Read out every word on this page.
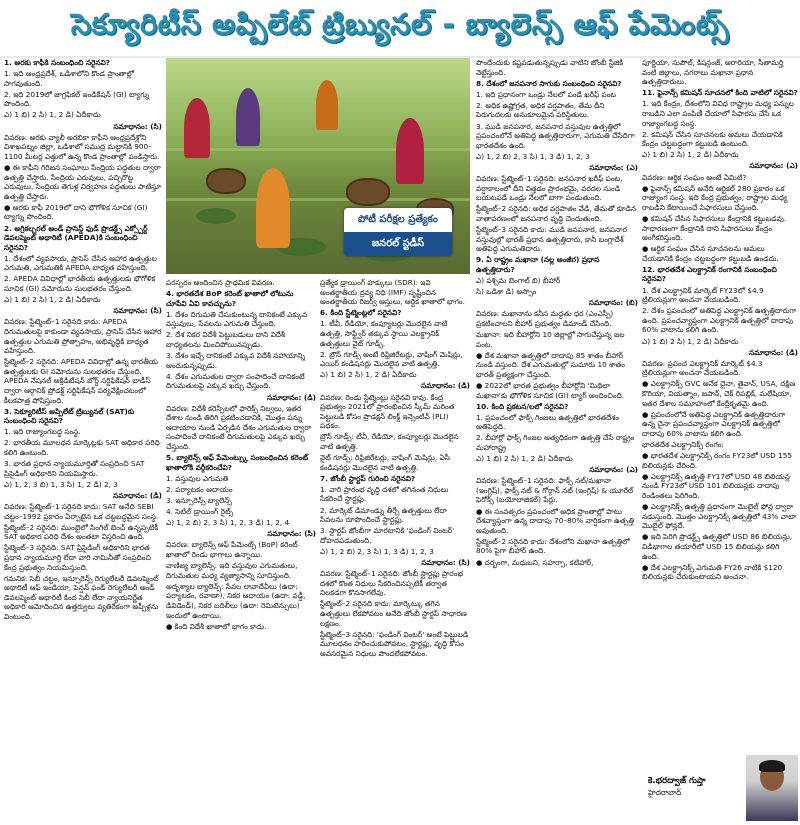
సెక్యూరిటీస్ అప్పిలేట్ ట్రిబ్యునల్ - బ్యాలెన్స్ ఆఫ్ పేమెంట్స్

1. అరకు కాఫీకి సంబంధించి సరైనవి?

1. ఇది ఆంధ్రప్రదేశ్, ఒడిశాలోని కొండ ప్రాంతాల్లో సాగవుతుంది.

2. ఇది 2019లో జాగ్రఫికల్ ఇండికేషన్ (GI) ట్యాగ్ను పొందింది.

ఎ) 1 బి) 2 సి) 1, 2 డి) ఏదీకాదు

సమాధానం: (సి)

వివరణ: అరకు వ్యాలీ అరబికా కాఫీని ఆంధ్రప్రదేశ్లోని విశాఖపట్నం జిల్లా, ఒడిశాలో సముద్ర మట్టానికి 900–1100 మీటర్ల ఎత్తులో ఉన్న కొండ ప్రాంతాల్లో పండిస్తారు.

● ఈ కాఫీని గిరిజన సంఘాలు సేంద్రియ పద్ధతుల ద్వారా ఉత్పత్తి చేస్తారు. సేంద్రియ ఎరువులు, పచ్చిరొట్ట ఎరువులు, సేంద్రియ తెగుళ్ల నిర్వహణ పద్ధతులు పాటిస్తూ ఉత్పత్తి చేస్తారు.

● అరకు కాఫీ 2019లో దాని భౌగోళిక సూచిక (GI) ట్యాగ్ను పొందింది.

2. అగ్రికల్చరల్ అండ్ ప్రాసెస్డ్ ఫుడ్ ప్రొడక్ట్స్ ఎక్స్పోర్ట్ డెవలప్మెంట్ అథారిటీ (APEDA)కి సంబంధించి సరైనవి?

1. దేశంలో వ్యవసాయ, ప్రాసెస్ చేసిన ఆహార ఉత్పత్తుల ఎగుమతి, ఎగుమతికి APEDA బాధ్యత వహిస్తుంది.

2. APEDA వివిధాల్లో భారతీయ ఉత్పత్తులకు భౌగోళిక సూచిక (GI) నమోదును సులభతరం చేస్తుంది.

ఎ) 1 బి) 2 సి) 1, 2 డి) ఏదీకాదు

సమాధానం: (సి)

వివరణ: స్టేట్మెంట్–1 సరైనది కాదు: APEDA దిగుమతులపై కాకుండా వ్యవసాయ, ప్రాసెస్ చేసిన ఆహార ఉత్పత్తుల ఎగుమతి ప్రోత్సాహం, అభివృద్ధికి బాధ్యత వహిస్తుంది.

స్టేట్మెంట్–2 సరైనది: APEDA వివిధాల్లో ఉన్న భారతీయ ఉత్పత్తులకు GI నమోదును సులభతరం చేస్తుంది. APEDA నేషనల్ అక్రిడిటేషన్ బోర్డ్ సర్టిఫికేషన్ బాడీస్ ద్వారా ఆర్గానిక్ ప్రోడక్ట్ సర్టిఫికేషన్ పర్యవేక్షించటంలో కీలకపాత్ర పోషిస్తుంది.

3. సెక్యూరిటీస్ అప్పిలేట్ ట్రిబ్యునల్ (SAT)కు సంబంధించి సరైనవి?

1. ఇది రాజ్యాంగబద్ధ సంస్థ.

2. భారతీయ మూలధన మార్కెట్లకు SAT అధికార పరిధి కలిగి ఉంటుంది.

3. భారత ప్రధాన న్యాయమూర్తితో సంప్రదించి SAT ప్రిసైడింగ్ అధికారిని నియమిస్తారు.

ఎ) 1, 2, 3 బి) 1, 3 సి) 1, 2 డి) 2, 3

సమాధానం: (డి)

వివరణ: స్టేట్మెంట్–1 సరైనది కాదు: SAT అనేది SEBI చట్టం–1992 ప్రకారం ఏర్పాటైన ఒక చట్టబద్ధమైన సంస్థ.

స్టేట్మెంట్–2 సరైనది: ముంబైలో సింగిల్ బెంచ్ ఉన్నప్పటికీ SAT అధికార పరిధి దేశం అంతటా విస్తరించి ఉంది.

స్టేట్మెంట్–3 సరైనది: SAT ప్రిసైడింగ్ అధికారిని భారత ప్రధాన న్యాయమూర్తి లేదా వారి నామినీతో సంప్రదించి కేంద్ర ప్రభుత్వం నియమిస్తుంది.

గమనిక: సెబీ చట్టం, ఇన్సూరెన్స్ రెగ్యులేటరీ డెవలప్మెంట్ అథారిటీ ఆఫ్ ఇండియా, పెన్షన్ ఫండ్ రెగ్యులేటరీ అండ్ డెవలప్మెంట్ అథారిటీ కింద సెబీ లేదా న్యాయనిర్ణేత అధికారి ఆమోదించిన ఉత్తర్వులు వ్యతిరేకంగా అప్పీళ్లను వింటుంది.

పోటీ పరీక్షల ప్రత్యేకం
జనరల్ స్టడీస్

పరస్పరం అందించిన ప్రాథమిక వివరణ.

4. భారతదేశ BoP కరెంట్ ఖాతాలో లోటును చూపేవి ఏవి కావచ్చును?

1. దేశం దిగుమతి చేసుకుంటున్న దానికంటే ఎక్కువ వస్తువులు, సేవలను ఎగుమతి చేస్తుంది.

2. దేశ నికర విదేశీ పెట్టుబడులు దాని విదేశీ బాధ్యతలను మించిపోయినప్పుడు.

3. దేశం ఇచ్చే దానికంటే ఎక్కువ విదేశీ సహాయాన్ని అందుకున్నప్పుడు.

4. దేశం ఎగుమతుల ద్వారా సంపాదించే దానికంటే దిగుమతులపై ఎక్కువ ఖర్చు చేస్తుంది.

సమాధానం: (డి)

వివరణ: విదేశీ కరెన్సీలలో ఫారెక్స్ నిల్వలు, ఇతర దేశాల నుండి తిరిగి ప్రకటించడానికి, మొత్తం పన్ను ఆదాయాల నుండి ఏర్పడిన దేశం ఎగుమతుల ద్వారా సంపాదించే దానికంటే దిగుమతులపై ఎక్కువ ఖర్చు చేస్తుంది.

5. బ్యాలెన్స్ ఆఫ్ పేమెంట్స్కు సంబంధించిన కరెంట్ ఖాతాలోకి వర్గీకరించేవి?

1. వస్తువుల ఎగుమతి

2. పర్యాటకం ఆదాయం

3. ఇన్సూరెన్స్ బ్యాలెన్స్

4. సెటిల్ డ్రాయింగ్ రైట్స్

ఎ) 1, 2 బి) 2, 3 సి) 1, 2, 3 డి) 1, 2, 4

సమాధానం: (సి)

వివరణ: బ్యాలెన్స్ ఆఫ్ పేమెంట్స్ (BoP) కరెంట్ ఖాతాలో రెండు భాగాలు ఉన్నాయి.

వాణిజ్య బ్యాలెన్స్: ఇది వస్తువుల ఎగుమతులు, దిగుమతుల మధ్య వ్యత్యాసాన్ని సూచిస్తుంది.

అదృశ్యాల బ్యాలెన్స్: సేవల లావాదేవీలు (ఉదా: పర్యాటకం, రవాణా), నికర ఆదాయం (ఉదా: వడ్డీ, డివిడెండ్), నికర బదిలీలు (ఉదా: రెమిటెన్సులు) ఇందులో ఉంటాయి.

● కింది విదేశీ ఖాతాలో భాగం కాదు.

ప్రత్యేక డ్రాయింగ్ హక్కులు (SDR): ఇవి అంతర్జాతీయ ద్రవ్య నిధి (IMF) సృష్టించిన అంతర్జాతీయ రిజర్వ్ ఆస్తులు, ఆర్థిక ఖాతాలో భాగం.

6. కింది స్టేట్మెంట్లలో సరైనవి?

1. టీవీ, రేడియో, కంప్యూటర్లు మొదలైన వాటి ఉత్పత్తి, సాఫ్ట్వేర్ తక్కువ స్థాయి ఎలక్ట్రానిక్ ఉత్పత్తులు వైట్ గూడ్స్.

2. బ్రౌన్ గూడ్స్ అంటే రిఫ్రిజిరేటర్లు, వాషింగ్ మెషిన్లు, ఎయిర్ కండిషనర్లు మొదలైన వాటి ఉత్పత్తి.

ఎ) 1 బి) 2 సి) 1, 2 డి) ఏదీకాదు

సమాధానం: (డి)

వివరణ: రెండు స్టేట్మెంట్లు సరైనవి కావు. కేంద్ర ప్రభుత్వం 2021లో ప్రారంభించిన స్కీమ్ మరింత పెట్టుబడి కోసం ప్రొడక్షన్ లింక్డ్ ఇన్సెంటివ్ (PLI) పథకం.

బ్రౌన్ గూడ్స్: టీవీ, రేడియో, కంప్యూటర్లు మొదలైన వాటి ఉత్పత్తి.

వైట్ గూడ్స్: రిఫ్రిజిరేటర్లు, వాషింగ్ మెషిన్లు, ఏసీ కండిషనర్లు మొదలైన వాటి ఉత్పత్తి.

7. జోంబీ స్టార్టప్ గురించి సరైనవి?

1. వారి ప్రారంభ వృద్ధి దశలో తగినంత నిధులు సేకరించే స్టార్టప్లు.

2. మార్కెట్ డిమాండ్ను తీర్చే ఉత్పత్తులు లేదా సేవలను రూపొందించే స్టార్టప్లు.

3. స్టార్టప్ జోంబీగా మారటానికి 'ఫండింగ్ వింటర్' దోహదపడుతుంది.

ఎ) 1, 2 బి) 2, 3 సి) 1, 3 డి) 1, 2, 3

సమాధానం: (సి)

వివరణ: స్టేట్మెంట్–1 సరైనది: జోంబీ స్టార్టప్లు ప్రారంభ దశలో కొంత నిధులు సేకరించినప్పటికీ తర్వాత నిలకడగా కొనసాగలేవు.

స్టేట్మెంట్–2 సరైనది కాదు: మార్కెట్కు తగిన ఉత్పత్తులు లేకపోవటం అనేది జోంబీ స్టార్టప్ సాధారణ లక్షణం.

స్టేట్మెంట్–3 సరైనది: 'ఫండింగ్ వింటర్' అంటే పెట్టుబడి మూలధనం హరించుకుపోవటం, స్టార్టప్లు, వృద్ధి కోసం అవసరమైన నిధులు పొందలేకపోవటం.

పొందేందుకు కష్టపడుతున్నప్పుడు వాటిని జోంబీ స్టేజికి నెట్టేస్తుంది.

8. దేశంలో జనపనార సాగుకు సంబంధించి సరైనవి?

1. ఇది ప్రధానంగా ఒండ్రు నేలలో పండే ఖరీఫ్ పంట

2. అధిక ఉష్ణోగ్రత, అధిక వర్షపాతం, తేమ దీని పెరుగుదలకు అనుకూలమైన పరిస్థితులు.

3. ముడి జనపనార, జనపనార వస్తువుల ఉత్పత్తిలో ప్రపంచంలోనే అతిపెద్ద ఉత్పత్తిదారుగా, ఎగుమతి చేసేదిగా భారతదేశం ఉంది.

ఎ) 1, 2 బి) 2, 3 సి) 1, 3 డి) 1, 2, 3

సమాధానం: (ఎ)

వివరణ: స్టేట్మెంట్–1 సరైనది: జనపనార ఖరీఫ్ పంట. వర్షాకాలంలో దీని విత్తడం ప్రారంభమై, వరదల నుండి బయటపడే ఒండ్రు నేలలో బాగా పండుతుంది.

స్టేట్మెంట్–2 సరైనది: అధిక వర్షపాతం వేడి, తేమతో కూడిన వాతావరణంలో జనపనార వృద్ధి చెందుతుంది.

స్టేట్మెంట్–3 సరైనది కాదు: ముడి జనపనార, జనపనార వస్తువుల్లో భారత్ ప్రధాన ఉత్పత్తిదారు, కానీ బంగ్లాదేశ్ అతిపెద్ద ఎగుమతిదారు.

9. ఏ రాష్ట్రం మఖానా (నల్ల అంజీర) ప్రధాన ఉత్పత్తిదారు?

ఎ) పశ్చిమ బెంగాల్ బి) బీహార్

సి) ఒడిశా డి) అస్సాం

సమాధానం: (బి)

వివరణ: మఖానాను కనీస మద్దతు ధర (ఎంఎస్పీ) ప్రకటించాలని బీహార్ ప్రభుత్వం డిమాండ్ చేసింది.

మఖానా: ఇది బీహార్లోని 10 జిల్లాల్లో సాగుచేస్తున్న జల పంట.

● దేశ మఖానా ఉత్పత్తిలో దాదాపు 85 శాతం బీహార్ నుండి వస్తుంది. దేశ ఎగుమతుల్లో సుమారు 10 శాతం భారత్ ప్రత్యక్షంగా చేస్తుంది.

● 2022లో భారత ప్రభుత్వం బీహార్లోని 'మిథిలా మఖానా'కు భౌగోళిక సూచిక (GI) ట్యాగ్ అందించింది.

10. కింది ప్రకటన/లలో సరైనవి?

1. ప్రపంచంలో ఫాక్స్ గింజలు ఉత్పత్తిలో భారతదేశం అతిపెద్దది.

2. బీహార్లో ఫాక్స్ గింజల అత్యధికంగా ఉత్పత్తి చేసే రాష్ట్రం మహారాష్ట్ర

ఎ) 1 బి) 2 సి) 1, 2 డి) ఏదీకాదు

సమాధానం: (ఎ)

వివరణ: స్టేట్మెంట్–1 సరైనది: ఫాక్స్ నట్/మఖానా (ఇంగ్లిష్), ఫాక్స్ నట్ & గోర్గాన్ నట్ (ఇంగ్లిష్) & యూరేల్ ఫెరోక్స్ (బయోలాజికల్) పేర్లు.

● ఈ సంవత్సరం ప్రపంచంలో అధిక ప్రాంతాల్లో పాటు దేశవ్యాప్తంగా ఉన్న దాదాపు 70–80% వార్షికంగా ఉత్పత్తి అవుతుంది.

స్టేట్మెంట్–2 సరైనది కాదు: దేశంలోని మఖానా ఉత్పత్తిలో 80% పైగా బీహార్ ఉంది.

● దర్భంగా, మధుబని, సహర్సా, కటిహార్,

పూర్ణియా, సుపౌల్, కిషన్గంజ్, అరారియా, సీతామర్హి వంటి జిల్లాలు, నగరాలు మఖానా ప్రధాన ఉత్పత్తిదారులు.

11. ఫైనాన్స్ కమిషన్ సూచనలో కింది వాటిలో సరైనవి?

1. ఇది కేంద్రం, దేశంలోని వివిధ రాష్ట్రాల మధ్య పన్నుల రాబడిని ఎలా పంపిణీ చేయాలో సిఫారసు చేసే ఒక రాజ్యాంగబద్ధ సంస్థ.

2. కమిషన్ చేసిన సూచనలకు అమలు చేయడానికి కేంద్రం చట్టబద్ధంగా కట్టుబడి ఉంటుంది.

ఎ) 1 బి) 2 సి) 1, 2 డి) ఏదీకాదు

సమాధానం: (ఎ)

వివరణ: ఆర్థిక సంఘం అంటే ఏమిటి?

● ఫైనాన్స్ కమిషన్ అనేది ఆర్టికల్ 280 ప్రకారం ఒక రాజ్యాంగ సంస్థ. ఇది కేంద్ర ప్రభుత్వం, రాష్ట్రాల మధ్య రాబడిని కేటాయించే సిఫారసులు చేస్తుంది.

● కమిషన్ చేసిన సిఫారసులు కేంద్రానికి కట్టుబడవు. సాధారణంగా కేంద్రానికి దాని సిఫారసులు కేంద్రం అంగీకరిస్తుంది.

● ఆర్థిక సంఘం చేసిన సూచనలను అమలు చేయడానికి కేంద్రం చట్టబద్ధంగా కట్టుబడి ఉండదు.

12. భారతదేశ ఎలక్ట్రానిక్ రంగానికి సంబంధించి సరైనవి?

1. దేశ ఎలక్ట్రానిక్ మార్కెట్ FY23లో $4.9 ట్రిలియన్లుగా అంచనా వేయబడింది.

2. దేశం ప్రపంచంలో అతిపెద్ద ఎలక్ట్రానిక్ ఉత్పత్తిదారుగా ఉంది. ప్రపంచవ్యాప్తంగా ఎలక్ట్రానిక్ ఉత్పత్తిలో దాదాపు 60% వాటాను కలిగి ఉంది.

ఎ) 1 బి) 2 సి) 1, 2 డి) ఏదీకాదు

సమాధానం: (డి)

వివరణ: ప్రపంచ ఎలక్ట్రానిక్ మార్కెట్ $4.3 ట్రిలియన్లుగా అంచనా వేయబడింది.

● ఎలక్ట్రానిక్స్ GVC అనేక చైనా, తైవాన్, USA, దక్షిణ కొరియా, వియత్నాం, జపాన్, చెక్ రిపబ్లిక్, మలేషియా, ఇతర దేశాల సమూహంలో కేంద్రీకృతమై ఉంది.

● ప్రపంచంలోనే అతిపెద్ద ఎలక్ట్రానిక్ ఉత్పత్తిదారుగా ఉన్న చైనా ప్రపంచవ్యాప్తంగా ఎలక్ట్రానిక్ ఉత్పత్తిలో దాదాపు 60% వాటాను కలిగి ఉంది.

భారతదేశ ఎలక్ట్రానిక్స్ రంగం:

● భారతదేశ ఎలక్ట్రానిక్స్ రంగం FY23లో USD 155 బిలియన్లకు చేరింది.

● ఎలక్ట్రానిక్స్ ఉత్పత్తి FY17లో USD 48 బిలియన్ల నుండి FY23లో USD 101 బిలియన్లకు దాదాపు రెండింతలు పెరిగింది.

● ఎలక్ట్రానిక్స్ ఉత్పత్తి ప్రధానంగా మొబైల్ ఫోన్ల ద్వారా నడుస్తుంది. మొత్తం ఎలక్ట్రానిక్స్ ఉత్పత్తిలో 43% వాటా మొబైల్ ఫోన్లదే.

● ఇది పెరిగి ప్రొడక్ట్స్ ఉత్పత్తిలో USD 86 బిలియన్లు, విడిభాగాల తయారీలో USD 15 బిలియన్లు కలిగి ఉంది.

● దేశ ఎలక్ట్రానిక్స్ ఎగుమతి FY26 నాటికి $120 బిలియన్లకు చేరుకుంటాయని అంచనా.

కె.భరద్వాజ్ గుప్తా
హైదరాబాద్
